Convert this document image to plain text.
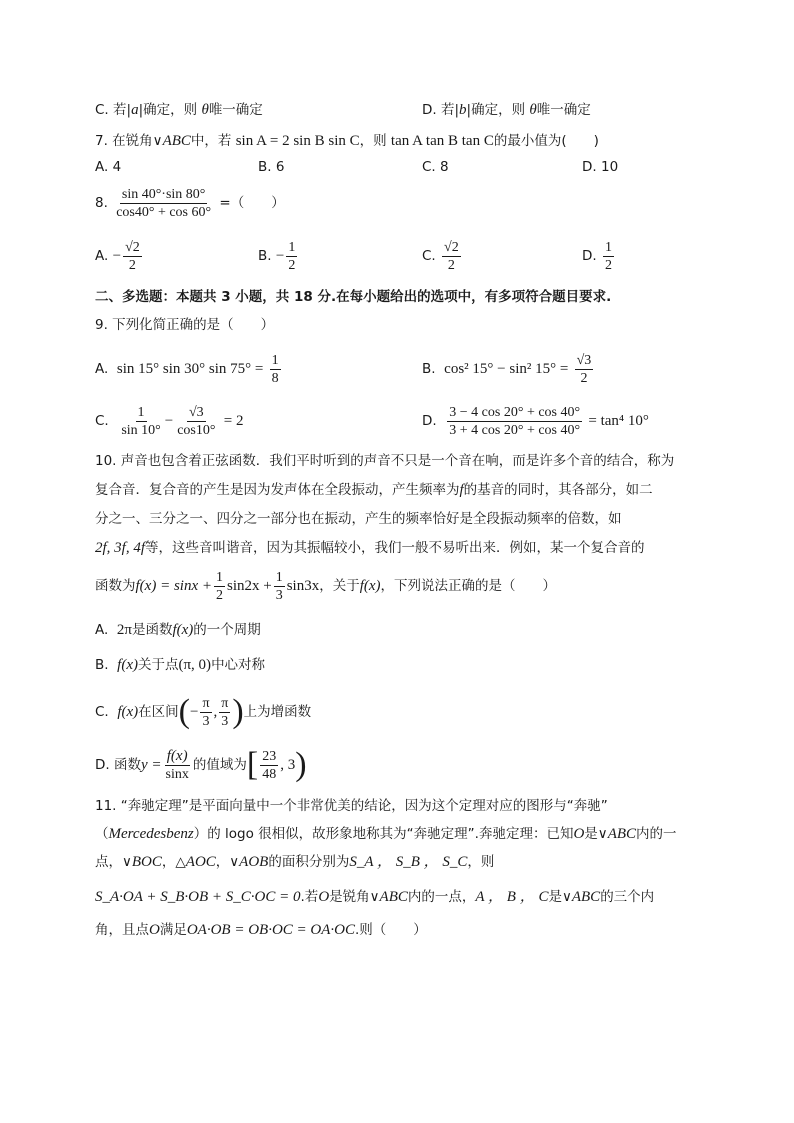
C. 若|a|确定，则 θ唯一确定	D. 若|b|确定，则 θ唯一确定
7. 在锐角∨ABC中，若 sin A = 2 sin B sin C，则 tan A tan B tan C的最小值为(　　)
A. 4	B. 6	C. 8	D. 10
8. $\frac{\sin 40^\circ\cdot\sin 80^\circ}{\cos 40^\circ + \cos 60^\circ}$ =（　　）
A. − $\frac{√2}{2}$	B. − $\frac{1}{2}$	C. $\frac{√2}{2}$	D. $\frac{1}{2}$
二、多选题：本题共 3 小题，共 18 分.在每小题给出的选项中，有多项符合题目要求.
9. 下列化简正确的是（　　）
A. sin 15° sin 30° $\sin 75^\circ = \frac{1}{8}$	B. cos² 15° − sin² $15^\circ = \frac{√3}{2}$
C. $\frac{1}{\sin 10^\circ} - \frac{√3}{\cos 10^\circ} = 2$	D. $\frac{3 - 4 \cos 20^\circ + \cos 40^\circ}{3 + 4 \cos 20^\circ + \cos 40^\circ} = \tan^4$ 10°
10. 声音也包含着正弦函数．我们平时听到的声音不只是一个音在响，而是许多个音的结合，称为
复合音．复合音的产生是因为发声体在全段振动，产生频率为f的基音的同时，其各部分，如二
分之一、三分之一、四分之一部分也在振动，产生的频率恰好是全段振动频率的倍数，如
2f, 3f, 4f等，这些音叫谐音，因为其振幅较小，我们一般不易听出来．例如，某一个复合音的
函数为$f(x) = \sin x + \frac{1}{2} \sin 2x + \frac{1}{3} \sin 3x$，关于f(x)，下列说法正确的是（　　）
A. 2π是函数f(x)的一个周期
B. f(x)关于点(π, 0)中心对称
C. f(x)在区间(− $\frac{\pi}{3}$ , $\frac{\pi}{3}$ )上为增函数
D. 函数$y = \frac{f(x)}{\sin x}$ 的值域为[ $\frac{23}{48}$ , 3)
11. “奔驰定理”是平面向量中一个非常优美的结论，因为这个定理对应的图形与“奔驰”
（Mercedesbenz）的 logo 很相似，故形象地称其为“奔驰定理”.奔驰定理：已知O是∨ABC内的一
点，∨BOC，△AOC，∨AOB的面积分别为S_A ， S_B ， S_C，则
S_A·OA + S_B·OB + S_C·OC = 0.若O是锐角∨ABC内的一点，A ， B ， C是∨ABC的三个内
角，且点O满足OA·OB = OB·OC = OA·OC.则（　　）
